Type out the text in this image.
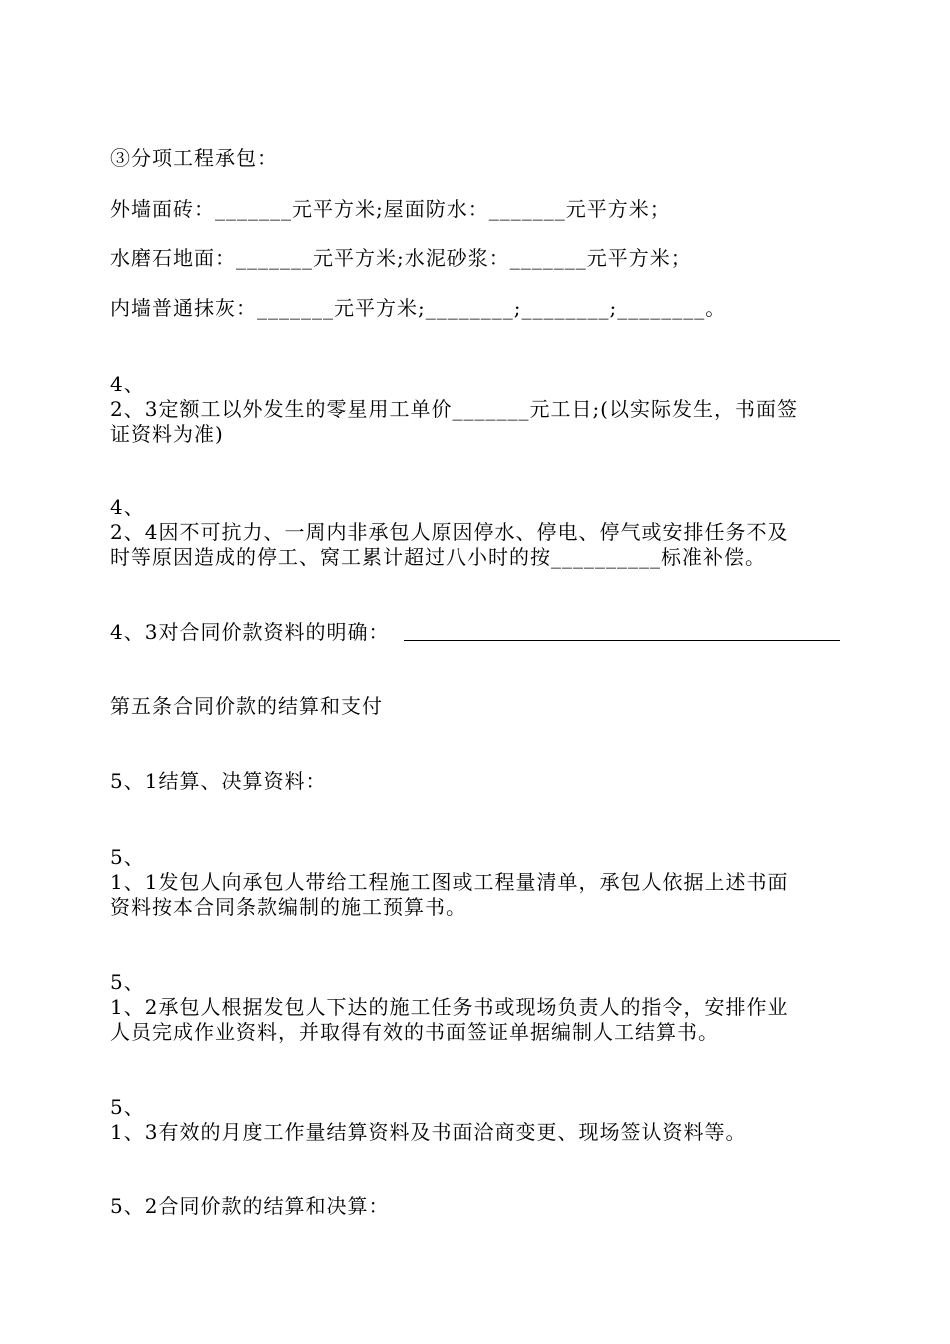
③分项工程承包：
外墙面砖：_______元平方米;屋面防水：_______元平方米；
水磨石地面：_______元平方米;水泥砂浆：_______元平方米；
内墙普通抹灰：_______元平方米;________;________;________。
4、
2、3定额工以外发生的零星用工单价_______元工日;(以实际发生，书面签
证资料为准)
4、
2、4因不可抗力、一周内非承包人原因停水、停电、停气或安排任务不及
时等原因造成的停工、窝工累计超过八小时的按__________标准补偿。
4、3对合同价款资料的明确：
第五条合同价款的结算和支付
5、1结算、决算资料：
5、
1、1发包人向承包人带给工程施工图或工程量清单，承包人依据上述书面
资料按本合同条款编制的施工预算书。
5、
1、2承包人根据发包人下达的施工任务书或现场负责人的指令，安排作业
人员完成作业资料，并取得有效的书面签证单据编制人工结算书。
5、
1、3有效的月度工作量结算资料及书面洽商变更、现场签认资料等。
5、2合同价款的结算和决算：
